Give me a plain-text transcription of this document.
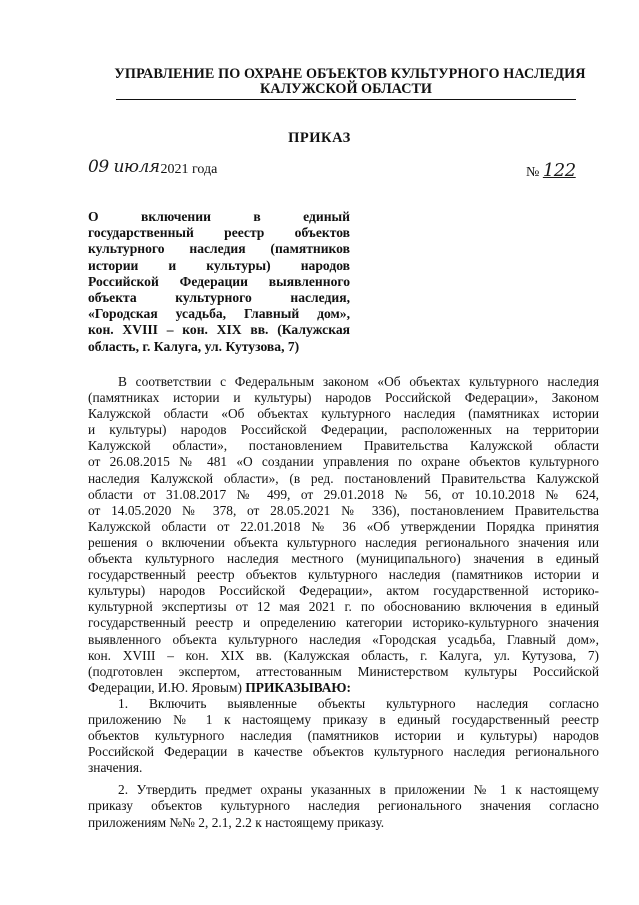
УПРАВЛЕНИЕ ПО ОХРАНЕ ОБЪЕКТОВ КУЛЬТУРНОГО НАСЛЕДИЯ
КАЛУЖСКОЙ ОБЛАСТИ
ПРИКАЗ
09 июля2021 года	№ 122
О включении в единый
государственный реестр объектов
культурного наследия (памятников
истории и культуры) народов
Российской Федерации выявленного
объекта культурного наследия,
«Городская усадьба, Главный дом»,
кон. XVIII – кон. XIX вв. (Калужская
область, г. Калуга, ул. Кутузова, 7)
В соответствии с Федеральным законом «Об объектах культурного наследия
(памятниках истории и культуры) народов Российской Федерации», Законом
Калужской области «Об объектах культурного наследия (памятниках истории
и культуры) народов Российской Федерации, расположенных на территории
Калужской области», постановлением Правительства Калужской области
от 26.08.2015 № 481 «О создании управления по охране объектов культурного
наследия Калужской области», (в ред. постановлений Правительства Калужской
области от 31.08.2017 № 499, от 29.01.2018 № 56, от 10.10.2018 № 624,
от 14.05.2020 № 378, от 28.05.2021 № 336), постановлением Правительства
Калужской области от 22.01.2018 № 36 «Об утверждении Порядка принятия
решения о включении объекта культурного наследия регионального значения или
объекта культурного наследия местного (муниципального) значения в единый
государственный реестр объектов культурного наследия (памятников истории и
культуры) народов Российской Федерации», актом государственной историко-
культурной экспертизы от 12 мая 2021 г. по обоснованию включения в единый
государственный реестр и определению категории историко-культурного значения
выявленного объекта культурного наследия «Городская усадьба, Главный дом»,
кон. XVIII – кон. XIX вв. (Калужская область, г. Калуга, ул. Кутузова, 7)
(подготовлен экспертом, аттестованным Министерством культуры Российской
Федерации, И.Ю. Яровым) ПРИКАЗЫВАЮ:
1. Включить выявленные объекты культурного наследия согласно
приложению № 1 к настоящему приказу в единый государственный реестр
объектов культурного наследия (памятников истории и культуры) народов
Российской Федерации в качестве объектов культурного наследия регионального
значения.
2. Утвердить предмет охраны указанных в приложении № 1 к настоящему
приказу объектов культурного наследия регионального значения согласно
приложениям №№ 2, 2.1, 2.2 к настоящему приказу.
